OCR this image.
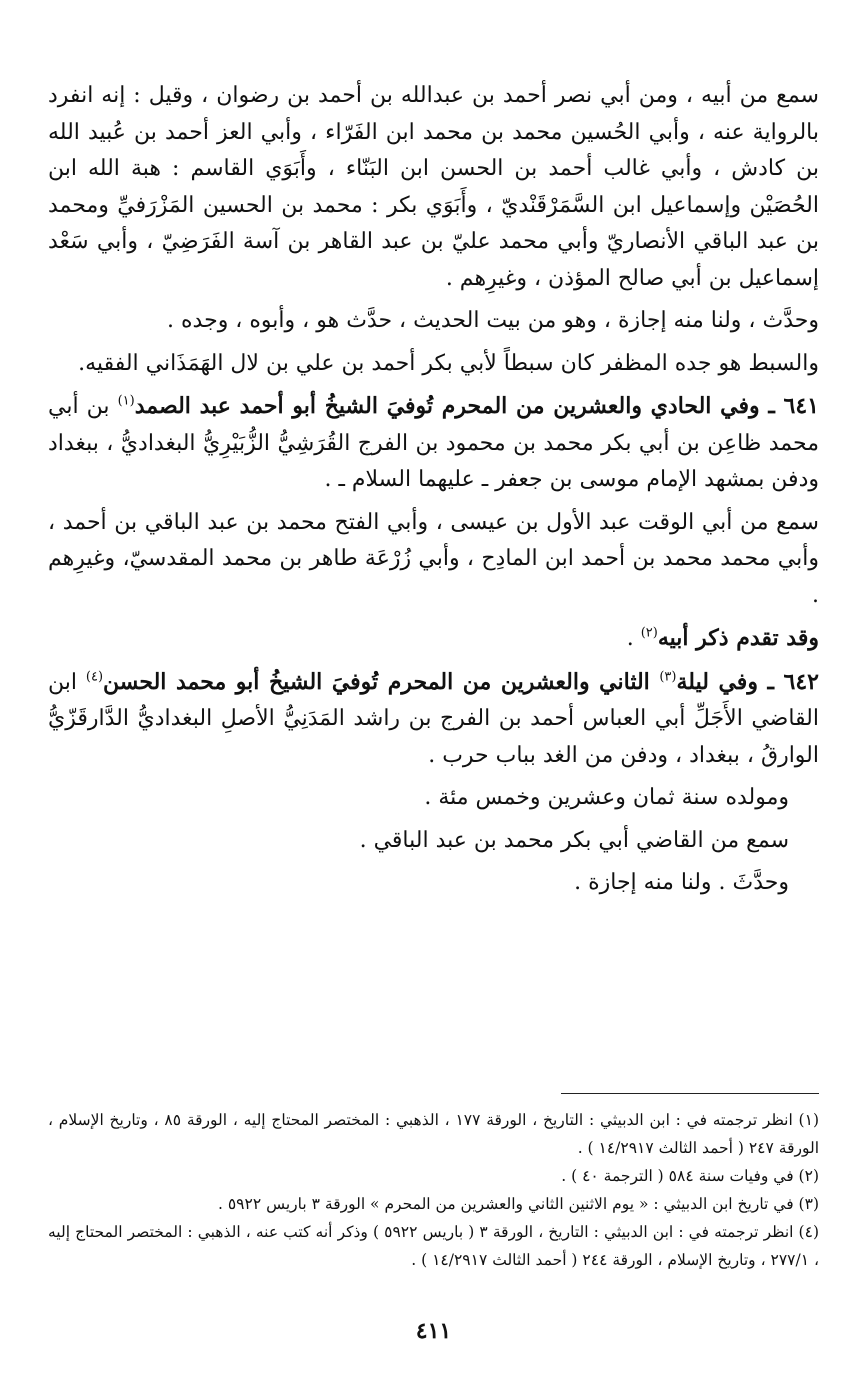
سمع من أبيه ، ومن أبي نصر أحمد بن عبدالله بن أحمد بن رضوان ، وقيل : إنه انفرد بالرواية عنه ، وأبي الحُسين محمد بن محمد ابن الفَرّاء ، وأبي العز أحمد بن عُبيد الله بن كادش ، وأبي غالب أحمد بن الحسن ابن البَنّاء ، وأَبَوَي القاسم : هبة الله ابن الحُصَيْن وإسماعيل ابن السَّمَرْقَنْديّ ، وأَبَوَي بكر : محمد بن الحسين المَزْرَفيِّ ومحمد بن عبد الباقي الأنصاريّ وأبي محمد عليّ بن عبد القاهر بن آسة الفَرَضِيّ ، وأبي سَعْد إسماعيل بن أبي صالح المؤذن ، وغيرِهم .

وحدَّث ، ولنا منه إجازة ، وهو من بيت الحديث ، حدَّث هو ، وأبوه ، وجده .

والسبط هو جده المظفر كان سبطاً لأبي بكر أحمد بن علي بن لال الهَمَذَاني الفقيه.

٦٤١ ـ وفي الحادي والعشرين من المحرم تُوفيَ الشيخُ أبو أحمد عبد الصمد$^{(١)}$ بن أبي محمد ظاعِن بن أبي بكر محمد بن محمود بن الفرج القُرَشِيُّ الزُّبَيْرِيُّ البغداديُّ ، ببغداد ودفن بمشهد الإمام موسى بن جعفر ـ عليهما السلام ـ .

سمع من أبي الوقت عبد الأول بن عيسى ، وأبي الفتح محمد بن عبد الباقي بن أحمد ، وأبي محمد محمد بن أحمد ابن المادِح ، وأبي زُرْعَة طاهر بن محمد المقدسيّ، وغيرِهم .

وقد تقدم ذكر أبيه$^{(٢)}$ .

٦٤٢ ـ وفي ليلة$^{(٣)}$ الثاني والعشرين من المحرم تُوفيَ الشيخُ أبو محمد الحسن$^{(٤)}$ ابن القاضي الأَجَلِّ أبي العباس أحمد بن الفرج بن راشد المَدَنِيُّ الأصلِ البغداديُّ الدَّارقَزّيُّ الوارقُ ، ببغداد ، ودفن من الغد بباب حرب .

ومولده سنة ثمان وعشرين وخمس مئة .

سمع من القاضي أبي بكر محمد بن عبد الباقي .

وحدَّثَ . ولنا منه إجازة .

(١) انظر ترجمته في : ابن الدبيثي : التاريخ ، الورقة ١٧٧ ، الذهبي : المختصر المحتاج إليه ، الورقة ٨٥ ، وتاريخ الإسلام ، الورقة ٢٤٧ ( أحمد الثالث ١٤/٢٩١٧ ) .

(٢) في وفيات سنة ٥٨٤ ( الترجمة ٤٠ ) .

(٣) في تاريخ ابن الدبيثي : « يوم الاثنين الثاني والعشرين من المحرم » الورقة ٣ باريس ٥٩٢٢ .

(٤) انظر ترجمته في : ابن الدبيثي : التاريخ ، الورقة ٣ ( باريس ٥٩٢٢ ) وذكر أنه كتب عنه ، الذهبي : المختصر المحتاج إليه ، ٢٧٧/١ ، وتاريخ الإسلام ، الورقة ٢٤٤ ( أحمد الثالث ١٤/٢٩١٧ ) .

٤١١
